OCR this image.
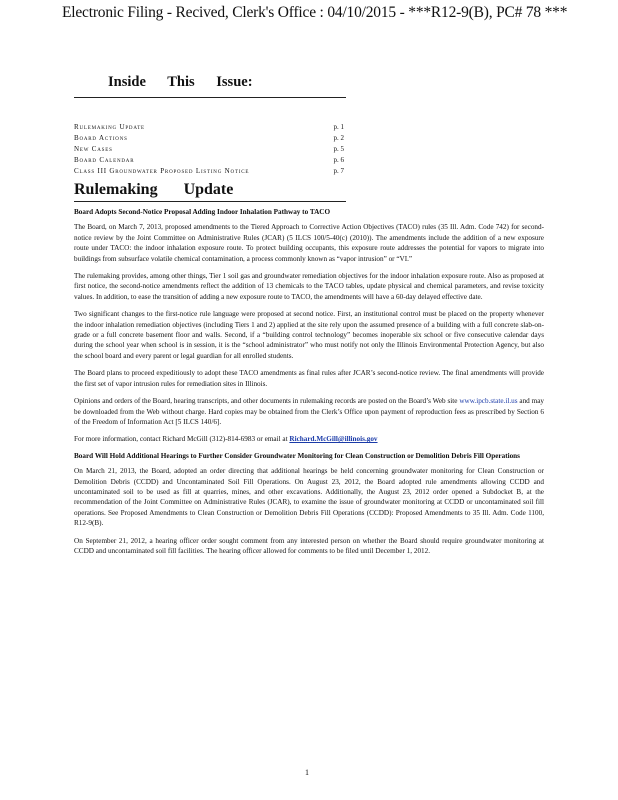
Electronic Filing - Recived, Clerk's Office : 04/10/2015 - ***R12-9(B), PC# 78 ***
Inside This Issue:
Rulemaking Update	p. 1
Board Actions	p. 2
New Cases	p. 5
Board Calendar	p. 6
Class III Groundwater Proposed Listing Notice	p. 7
Rulemaking Update

Board Adopts Second-Notice Proposal Adding Indoor Inhalation Pathway to TACO

The Board, on March 7, 2013, proposed amendments to the Tiered Approach to Corrective Action Objectives (TACO) rules (35 Ill. Adm. Code 742) for second-notice review by the Joint Committee on Administrative Rules (JCAR) (5 ILCS 100/5-40(c) (2010)). The amendments include the addition of a new exposure route under TACO: the indoor inhalation exposure route. To protect building occupants, this exposure route addresses the potential for vapors to migrate into buildings from subsurface volatile chemical contamination, a process commonly known as “vapor intrusion” or “VI.”

The rulemaking provides, among other things, Tier 1 soil gas and groundwater remediation objectives for the indoor inhalation exposure route. Also as proposed at first notice, the second-notice amendments reflect the addition of 13 chemicals to the TACO tables, update physical and chemical parameters, and revise toxicity values. In addition, to ease the transition of adding a new exposure route to TACO, the amendments will have a 60-day delayed effective date.

Two significant changes to the first-notice rule language were proposed at second notice. First, an institutional control must be placed on the property whenever the indoor inhalation remediation objectives (including Tiers 1 and 2) applied at the site rely upon the assumed presence of a building with a full concrete slab-on-grade or a full concrete basement floor and walls. Second, if a “building control technology” becomes inoperable six school or five consecutive calendar days during the school year when school is in session, it is the “school administrator” who must notify not only the Illinois Environmental Protection Agency, but also the school board and every parent or legal guardian for all enrolled students.

The Board plans to proceed expeditiously to adopt these TACO amendments as final rules after JCAR’s second-notice review. The final amendments will provide the first set of vapor intrusion rules for remediation sites in Illinois.

Opinions and orders of the Board, hearing transcripts, and other documents in rulemaking records are posted on the Board’s Web site www.ipcb.state.il.us and may be downloaded from the Web without charge. Hard copies may be obtained from the Clerk’s Office upon payment of reproduction fees as prescribed by Section 6 of the Freedom of Information Act [5 ILCS 140/6].

For more information, contact Richard McGill (312)-814-6983 or email at Richard.McGill@illinois.gov

Board Will Hold Additional Hearings to Further Consider Groundwater Monitoring for Clean Construction or Demolition Debris Fill Operations

On March 21, 2013, the Board, adopted an order directing that additional hearings be held concerning groundwater monitoring for Clean Construction or Demolition Debris (CCDD) and Uncontaminated Soil Fill Operations. On August 23, 2012, the Board adopted rule amendments allowing CCDD and uncontaminated soil to be used as fill at quarries, mines, and other excavations. Additionally, the August 23, 2012 order opened a Subdocket B, at the recommendation of the Joint Committee on Administrative Rules (JCAR), to examine the issue of groundwater monitoring at CCDD or uncontaminated soil fill operations. See Proposed Amendments to Clean Construction or Demolition Debris Fill Operations (CCDD): Proposed Amendments to 35 Ill. Adm. Code 1100, R12-9(B).

On September 21, 2012, a hearing officer order sought comment from any interested person on whether the Board should require groundwater monitoring at CCDD and uncontaminated soil fill facilities. The hearing officer allowed for comments to be filed until December 1, 2012.

1
